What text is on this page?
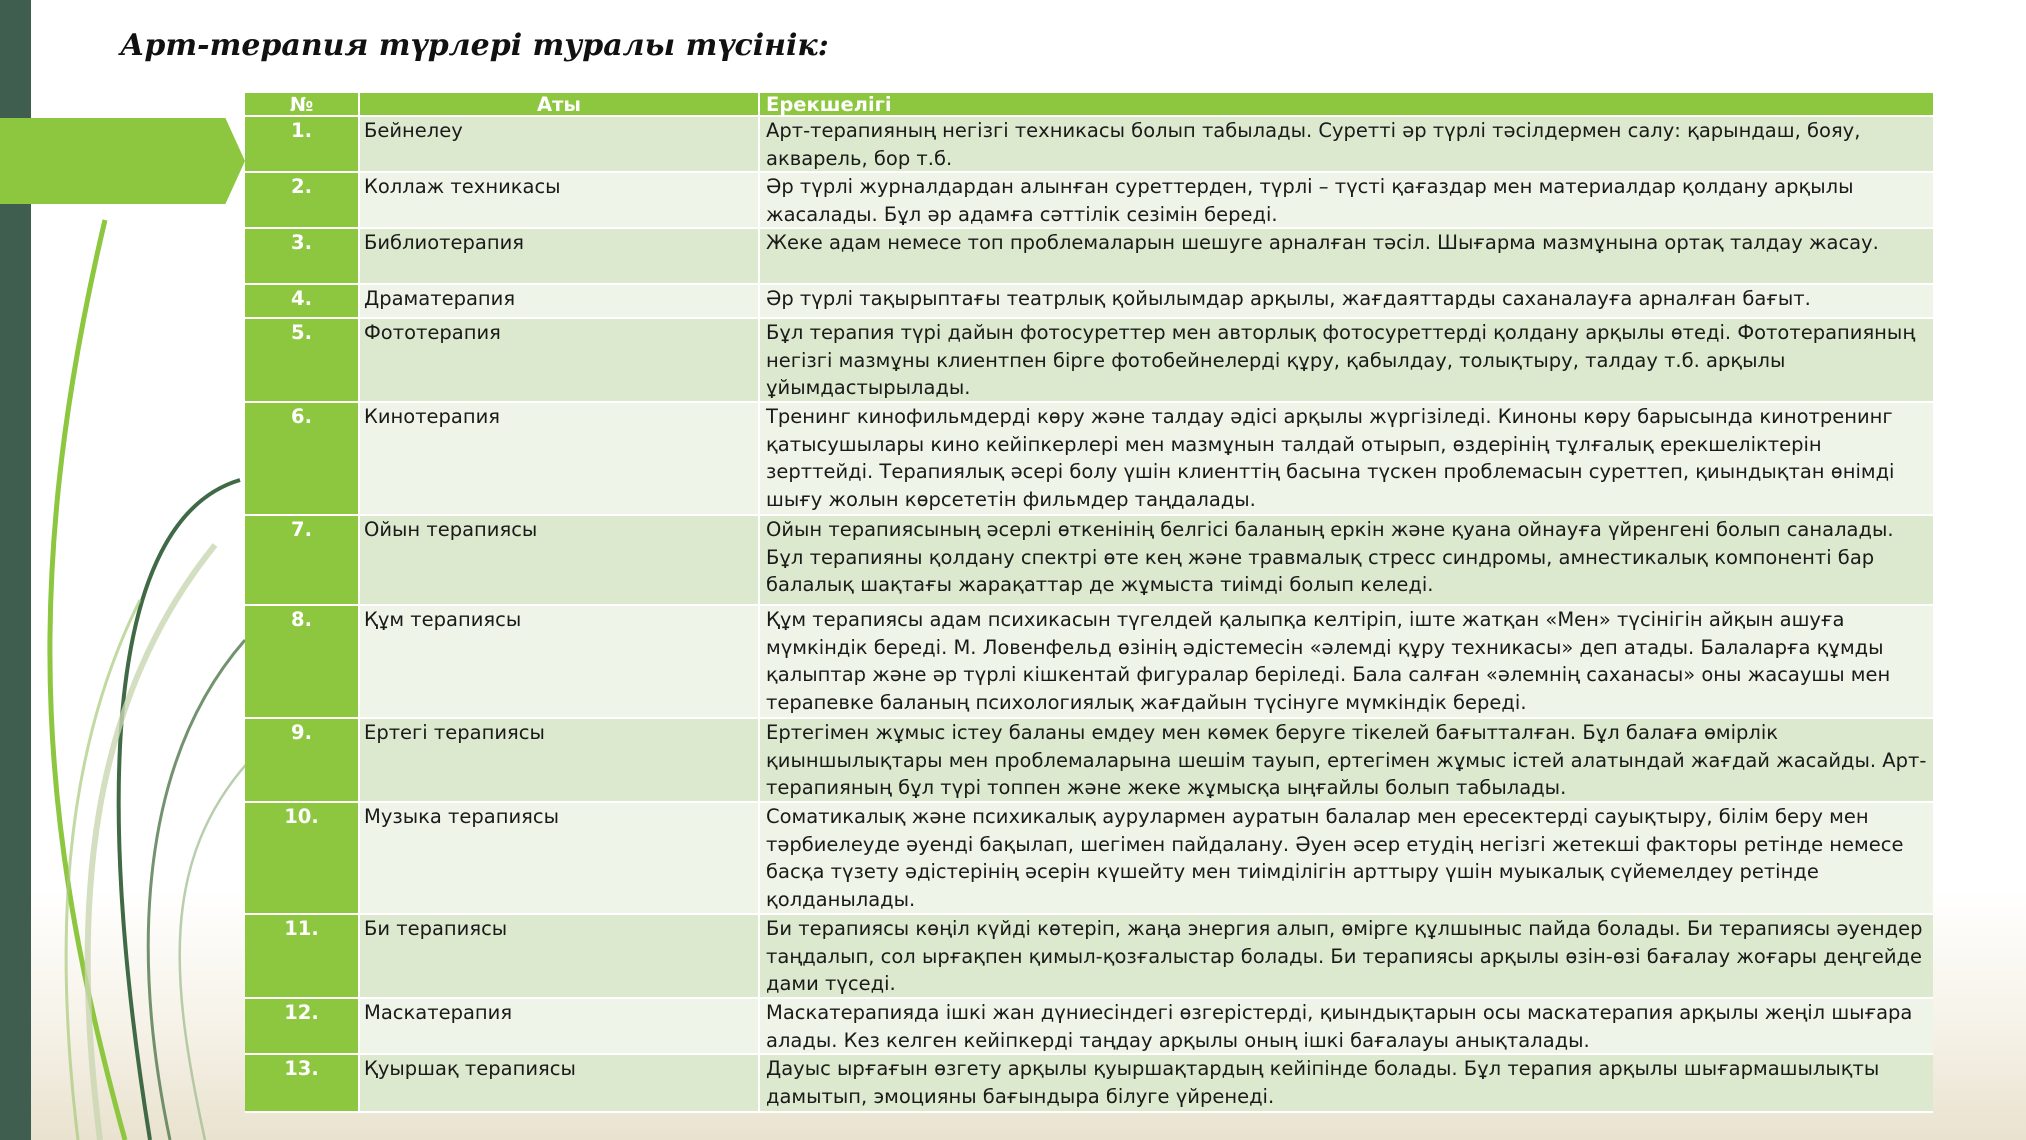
Арт-терапия түрлері туралы түсінік:
№	Аты	Ерекшелігі
1.	Бейнелеу	Арт-терапияның негізгі техникасы болып табылады. Суретті әр түрлі тәсілдермен салу: қарындаш, бояу, акварель, бор т.б.
2.	Коллаж техникасы	Әр түрлі журналдардан алынған суреттерден, түрлі – түсті қағаздар мен материалдар қолдану арқылы жасалады. Бұл әр адамға сәттілік сезімін береді.
3.	Библиотерапия	Жеке адам немесе топ проблемаларын шешуге арналған тәсіл. Шығарма мазмұнына ортақ талдау жасау.
4.	Драматерапия	Әр түрлі тақырыптағы театрлық қойылымдар арқылы, жағдаяттарды саханалауға арналған бағыт.
5.	Фототерапия	Бұл терапия түрі дайын фотосуреттер мен авторлық фотосуреттерді қолдану арқылы өтеді. Фототерапияның негізгі мазмұны клиентпен бірге фотобейнелерді құру, қабылдау, толықтыру, талдау т.б. арқылы ұйымдастырылады.
6.	Кинотерапия	Тренинг кинофильмдерді көру және талдау әдісі арқылы жүргізіледі. Киноны көру барысында кинотренинг қатысушылары кино кейіпкерлері мен мазмұнын талдай отырып, өздерінің тұлғалық ерекшеліктерін зерттейді. Терапиялық әсері болу үшін клиенттің басына түскен проблемасын суреттеп, қиындықтан өнімді шығу жолын көрсететін фильмдер таңдалады.
7.	Ойын терапиясы	Ойын терапиясының әсерлі өткенінің белгісі баланың еркін және қуана ойнауға үйренгені болып саналады. Бұл терапияны қолдану спектрі өте кең және травмалық стресс синдромы, амнестикалық компоненті бар балалық шақтағы жарақаттар де жұмыста тиімді болып келеді.
8.	Құм терапиясы	Құм терапиясы адам психикасын түгелдей қалыпқа келтіріп, іште жатқан «Мен» түсінігін айқын ашуға мүмкіндік береді. М. Ловенфельд өзінің әдістемесін «әлемді құру техникасы» деп атады. Балаларға құмды қалыптар және әр түрлі кішкентай фигуралар беріледі. Бала салған «әлемнің саханасы» оны жасаушы мен терапевке баланың психологиялық жағдайын түсінуге мүмкіндік береді.
9.	Ертегі терапиясы	Ертегімен жұмыс істеу баланы емдеу мен көмек беруге тікелей бағытталған. Бұл балаға өмірлік қиыншылықтары мен проблемаларына шешім тауып, ертегімен жұмыс істей алатындай жағдай жасайды. Арт- терапияның бұл түрі топпен және жеке жұмысқа ыңғайлы болып табылады.
10.	Музыка терапиясы	Соматикалық және психикалық аурулармен ауратын балалар мен ересектерді сауықтыру, білім беру мен тәрбиелеуде әуенді бақылап, шегімен пайдалану. Әуен әсер етудің негізгі жетекші факторы ретінде немесе басқа түзету әдістерінің әсерін күшейту мен тиімділігін арттыру үшін муыкалық сүйемелдеу ретінде қолданылады.
11.	Би терапиясы	Би терапиясы көңіл күйді көтеріп, жаңа энергия алып, өмірге құлшыныс пайда болады. Би терапиясы әуендер таңдалып, сол ырғақпен қимыл-қозғалыстар болады. Би терапиясы арқылы өзін-өзі бағалау жоғары деңгейде дами түседі.
12.	Маскатерапия	Маскатерапияда ішкі жан дүниесіндегі өзгерістерді, қиындықтарын осы маскатерапия арқылы жеңіл шығара алады. Кез келген кейіпкерді таңдау арқылы оның ішкі бағалауы анықталады.
13.	Қуыршақ терапиясы	Дауыс ырғағын өзгету арқылы қуыршақтардың кейіпінде болады. Бұл терапия арқылы шығармашылықты дамытып, эмоцияны бағындыра білуге үйренеді.
